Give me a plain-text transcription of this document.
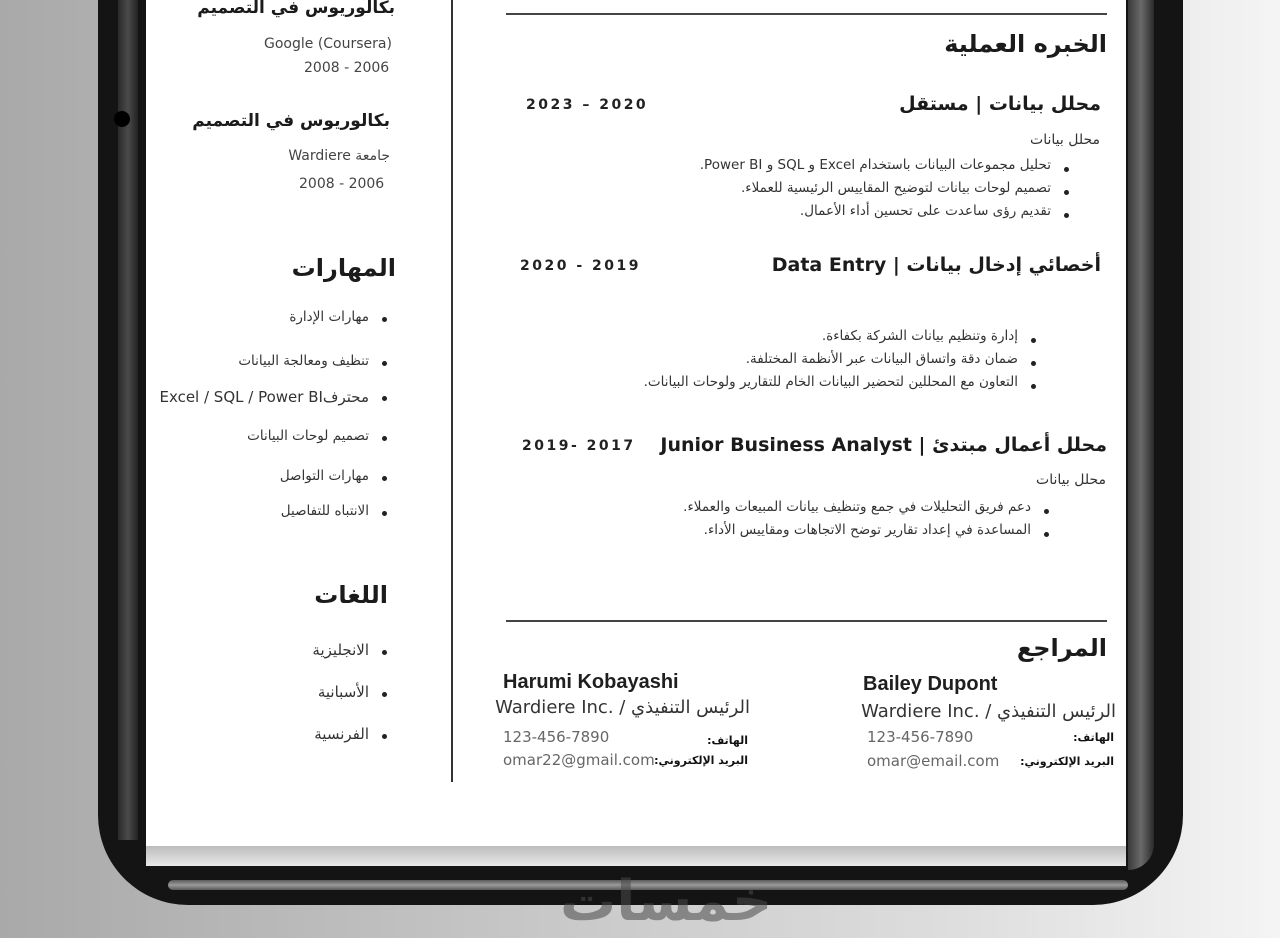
بكالوريوس في التصميم
Google (Coursera)
2008 - 2006
بكالوريوس في التصميم
جامعة Wardiere
2008 - 2006
المهارات
مهارات الإدارة
تنظيف ومعالجة البيانات
محترفExcel / SQL / Power BI
تصميم لوحات البيانات
مهارات التواصل
الانتباه للتفاصيل
اللغات
الانجليزية
الأسبانية
الفرنسية
الخبره العملية
محلل بيانات | مستقل
2023 – 2020
محلل بيانات
تحليل مجموعات البيانات باستخدام Excel و SQL و Power BI.
تصميم لوحات بيانات لتوضيح المقاييس الرئيسية للعملاء.
تقديم رؤى ساعدت على تحسين أداء الأعمال.
أخصائي إدخال بيانات | Data Entry
2020 - 2019
إدارة وتنظيم بيانات الشركة بكفاءة.
ضمان دقة واتساق البيانات عبر الأنظمة المختلفة.
التعاون مع المحللين لتحضير البيانات الخام للتقارير ولوحات البيانات.
محلل أعمال مبتدئ | Junior Business Analyst
2019- 2017
محلل بيانات
دعم فريق التحليلات في جمع وتنظيف بيانات المبيعات والعملاء.
المساعدة في إعداد تقارير توضح الاتجاهات ومقاييس الأداء.
المراجع
Bailey Dupont
الرئيس التنفيذي / .Wardiere Inc
الهاتف:
123-456-7890
البريد الإلكتروني:
omar@email.com
Harumi Kobayashi
الرئيس التنفيذي / .Wardiere Inc
الهاتف:
123-456-7890
البريد الإلكتروني:
omar22@gmail.com
خمسات
